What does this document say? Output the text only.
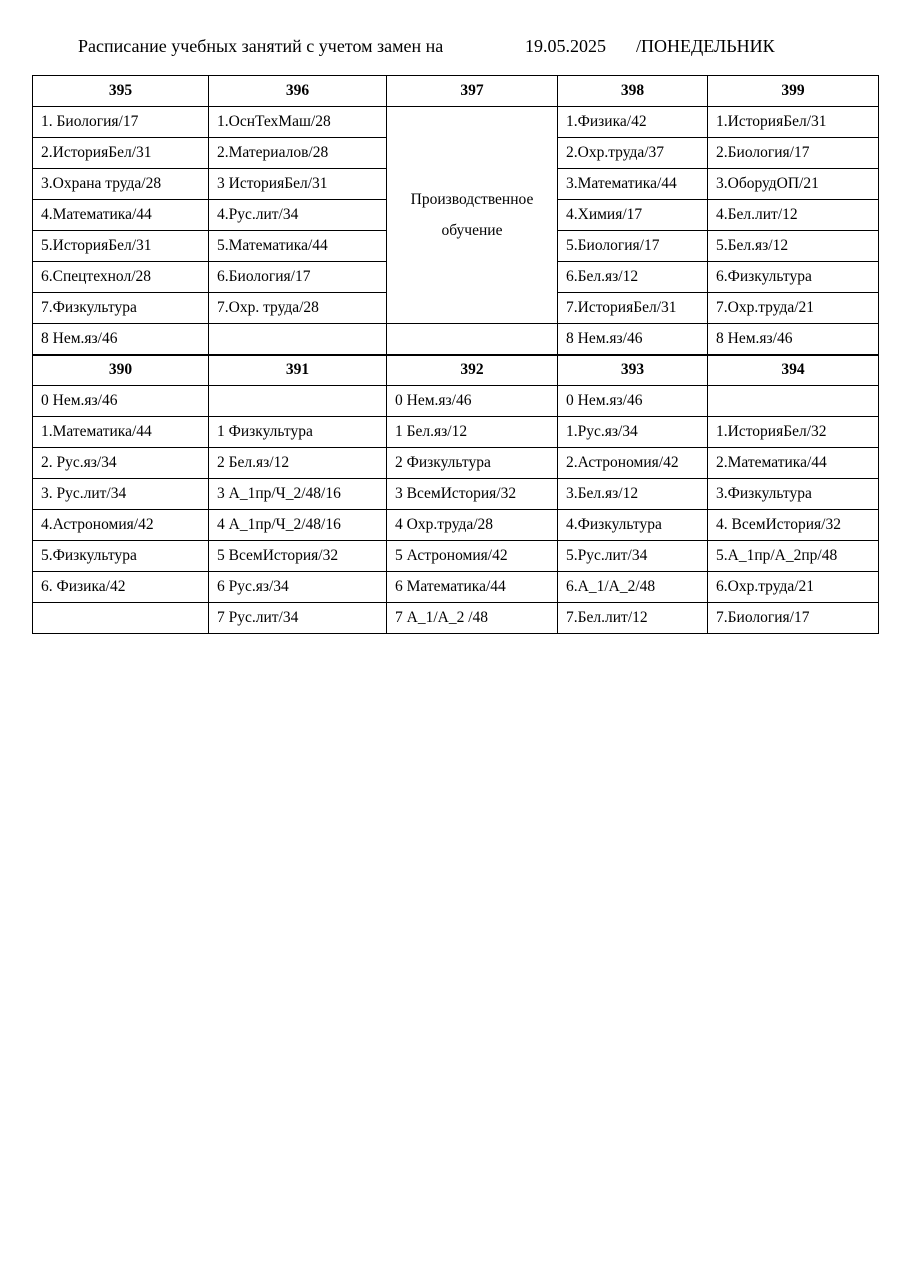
Расписание учебных занятий с учетом замен на

	19.05.2025

/ПОНЕДЕЛЬНИК

395	396	397	398	399
1. Биология/17	1.ОснТехМаш/28	Производственное обучение	1.Физика/42	1.ИсторияБел/31
2.ИсторияБел/31	2.Материалов/28		2.Охр.труда/37	2.Биология/17
3.Охрана труда/28	3 ИсторияБел/31		3.Математика/44	3.ОборудОП/21
4.Математика/44	4.Рус.лит/34		4.Химия/17	4.Бел.лит/12
5.ИсторияБел/31	5.Математика/44		5.Биология/17	5.Бел.яз/12
6.Спецтехнол/28	6.Биология/17		6.Бел.яз/12	6.Физкультура
7.Физкультура	7.Охр. труда/28		7.ИсторияБел/31	7.Охр.труда/21
8 Нем.яз/46			8 Нем.яз/46	8 Нем.яз/46
390	391	392	393	394
0 Нем.яз/46		0 Нем.яз/46	0 Нем.яз/46	
1.Математика/44	1 Физкультура	1 Бел.яз/12	1.Рус.яз/34	1.ИсторияБел/32
2. Рус.яз/34	2 Бел.яз/12	2 Физкультура	2.Астрономия/42	2.Математика/44
3. Рус.лит/34	3 А_1пр/Ч_2/48/16	3 ВсемИстория/32	3.Бел.яз/12	3.Физкультура
4.Астрономия/42	4 А_1пр/Ч_2/48/16	4 Охр.труда/28	4.Физкультура	4. ВсемИстория/32
5.Физкультура	5 ВсемИстория/32	5 Астрономия/42	5.Рус.лит/34	5.А_1пр/А_2пр/48
6. Физика/42	6 Рус.яз/34	6 Математика/44	6.А_1/А_2/48	6.Охр.труда/21
	7 Рус.лит/34	7 А_1/А_2 /48	7.Бел.лит/12	7.Биология/17
